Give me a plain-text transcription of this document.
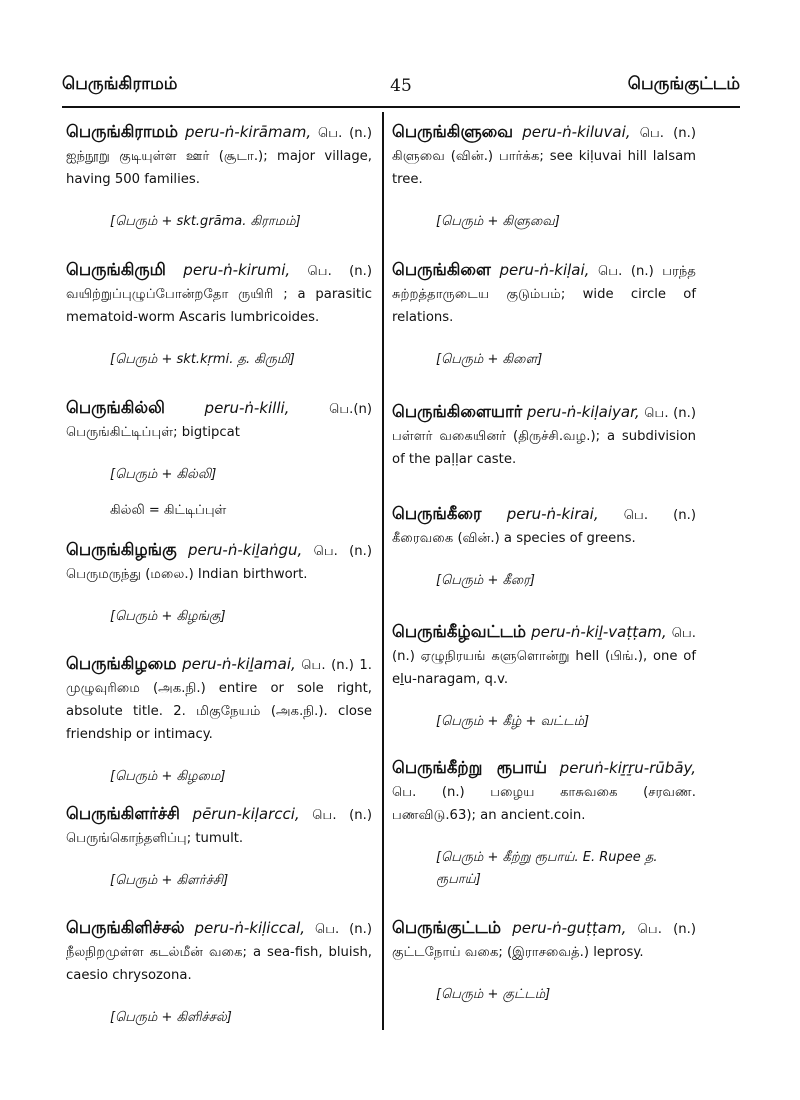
பெருங்கிராமம்	45	பெருங்குட்டம்

பெருங்கிராமம் peru-ṅ-kirāmam, பெ. (n.) ஐந்நூறு குடியுள்ள ஊர் (சூடா.); major village, having 500 families.

[பெரும் + skt.grāma. கிராமம்]

பெருங்கிருமி peru-ṅ-kirumi, பெ. (n.) வயிற்றுப்புழுப்போன்றதோ ருயிரி ; a parasitic mematoid-worm Ascaris lumbricoides.

[பெரும் + skt.kṛmi. த. கிருமி]

பெருங்கில்லி	peru-ṅ-killi, பெ.(n) பெருங்கிட்டிப்புள்; bigtipcat

[பெரும் + கில்லி]

கில்லி = கிட்டிப்புள்

பெருங்கிழங்கு peru-ṅ-kiḻaṅgu, பெ. (n.) பெருமருந்து (மலை.) Indian birthwort.

[பெரும் + கிழங்கு]

பெருங்கிழமை peru-ṅ-kiḻamai, பெ. (n.) 1. முழுவுரிமை (அக.நி.) entire or sole right, absolute title. 2. மிகுநேயம் (அக.நி.). close friendship or intimacy.

[பெரும் + கிழமை]

பெருங்கிளர்ச்சி pērun-kiḷarcci, பெ. (n.) பெருங்கொந்தளிப்பு; tumult.

[பெரும் + கிளர்ச்சி]

பெருங்கிளிச்சல் peru-ṅ-kiḷiccal, பெ. (n.) நீலநிறமுள்ள கடல்மீன் வகை; a sea-fish, bluish, caesio chrysozona.

[பெரும் + கிளிச்சல்]

பெருங்கிளுவை peru-ṅ-kiluvai, பெ. (n.) கிளுவை (வின்.) பார்க்க; see kiḷuvai hill lalsam tree.

[பெரும் + கிளுவை]

பெருங்கிளை peru-ṅ-kiḷai, பெ. (n.) பரந்த சுற்றத்தாருடைய குடும்பம்; wide circle of relations.

[பெரும் + கிளை]

பெருங்கிளையார் peru-ṅ-kiḷaiyar, பெ. (n.) பள்ளர் வகையினர் (திருச்சி.வழ.); a subdivision of the paḷḷar caste.

பெருங்கீரை peru-ṅ-kirai, பெ. (n.) கீரைவகை (வின்.) a species of greens.

[பெரும் + கீரை]

பெருங்கீழ்வட்டம் peru-ṅ-kiḻ-vaṭṭam, பெ. (n.) ஏழுநிரயங் களுளொன்று hell (பிங்.), one of eḻu-naragam, q.v.

[பெரும் + கீழ் + வட்டம்]

பெருங்கீற்று ரூபாய் peruṅ-kiṟṟu-rūbāy, பெ. (n.) பழைய காசுவகை (சரவண. பணவிடு.63); an ancient.coin.

[பெரும் + கீற்று ரூபாய். E. Rupee த. ரூபாய்]

பெருங்குட்டம் peru-ṅ-guṭṭam, பெ. (n.) குட்டநோய் வகை; (இராசவைத்.) leprosy.

[பெரும் + குட்டம்]
